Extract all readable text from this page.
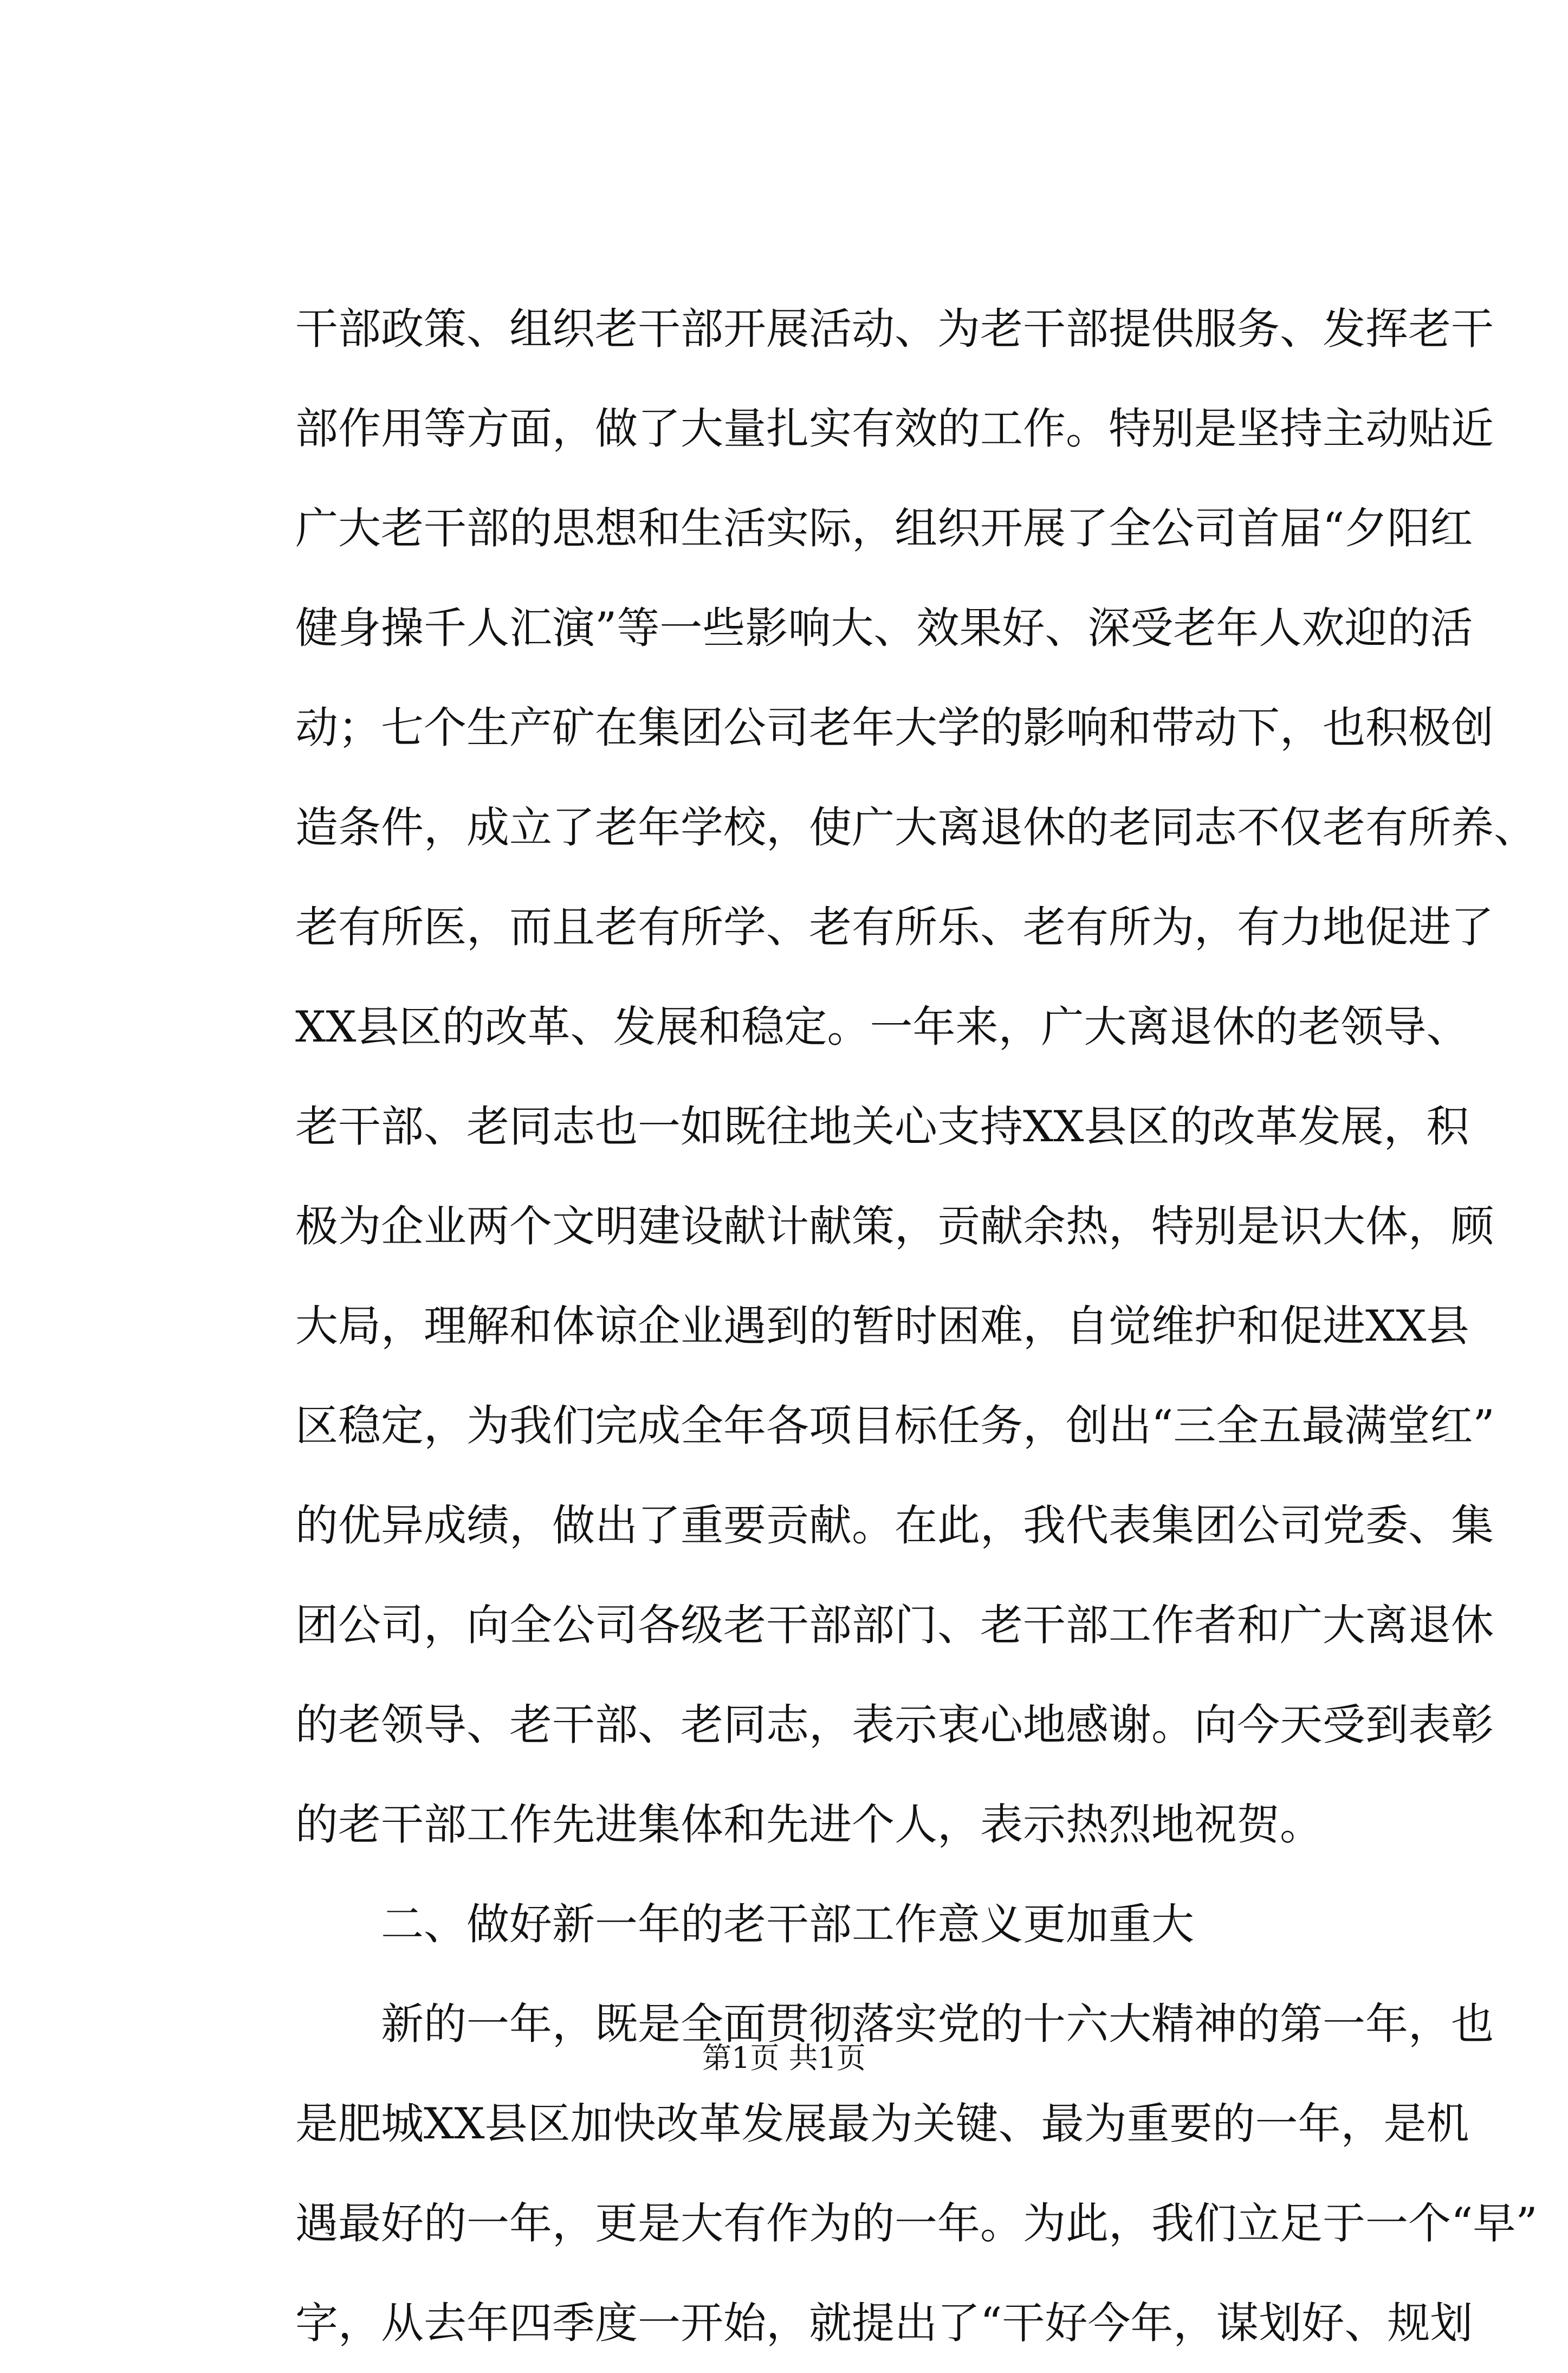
干部政策、组织老干部开展活动、为老干部提供服务、发挥老干
部作用等方面，做了大量扎实有效的工作。特别是坚持主动贴近
广大老干部的思想和生活实际，组织开展了全公司首届“夕阳红
健身操千人汇演”等一些影响大、效果好、深受老年人欢迎的活
动；七个生产矿在集团公司老年大学的影响和带动下，也积极创
造条件，成立了老年学校，使广大离退休的老同志不仅老有所养、
老有所医，而且老有所学、老有所乐、老有所为，有力地促进了
XX县区的改革、发展和稳定。一年来，广大离退休的老领导、
老干部、老同志也一如既往地关心支持XX县区的改革发展，积
极为企业两个文明建设献计献策，贡献余热，特别是识大体，顾
大局，理解和体谅企业遇到的暂时困难，自觉维护和促进XX县
区稳定，为我们完成全年各项目标任务，创出“三全五最满堂红”
的优异成绩，做出了重要贡献。在此，我代表集团公司党委、集
团公司，向全公司各级老干部部门、老干部工作者和广大离退休
的老领导、老干部、老同志，表示衷心地感谢。向今天受到表彰
的老干部工作先进集体和先进个人，表示热烈地祝贺。
二、做好新一年的老干部工作意义更加重大
新的一年，既是全面贯彻落实党的十六大精神的第一年，也
是肥城XX县区加快改革发展最为关键、最为重要的一年，是机
遇最好的一年，更是大有作为的一年。为此，我们立足于一个“早”
字，从去年四季度一开始，就提出了“干好今年，谋划好、规划
第1页 共1页
